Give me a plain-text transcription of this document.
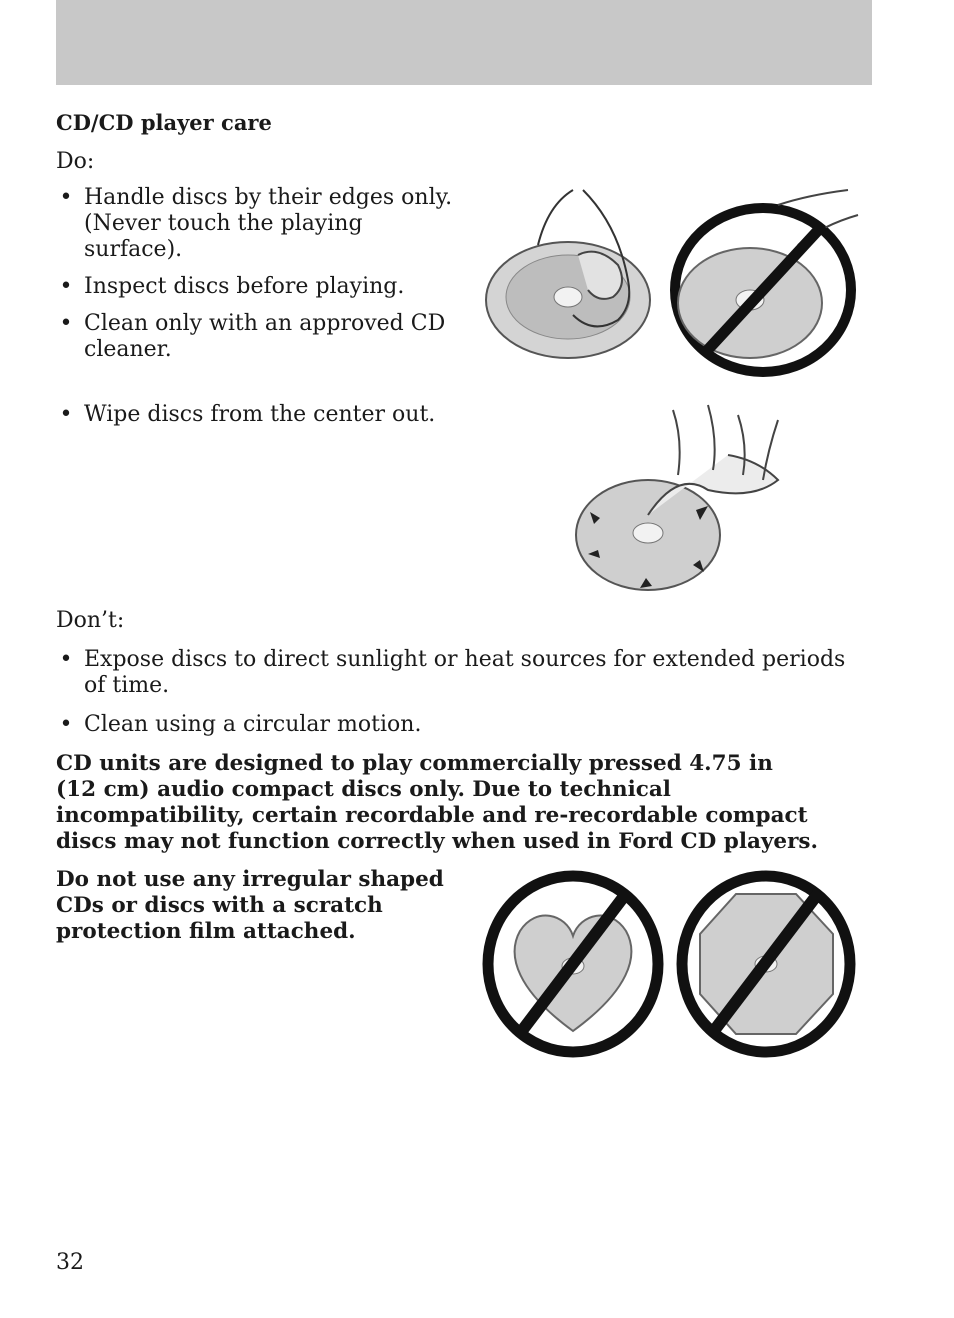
CD/CD player care
Do:
• Handle discs by their edges only.
(Never touch the playing
surface).
• Inspect discs before playing.
• Clean only with an approved CD
cleaner.
• Wipe discs from the center out.
Don’t:
• Expose discs to direct sunlight or heat sources for extended periods
of time.
• Clean using a circular motion.
CD units are designed to play commercially pressed 4.75 in
(12 cm) audio compact discs only. Due to technical
incompatibility, certain recordable and re-recordable compact
discs may not function correctly when used in Ford CD players.
Do not use any irregular shaped
CDs or discs with a scratch
protection film attached.
32
